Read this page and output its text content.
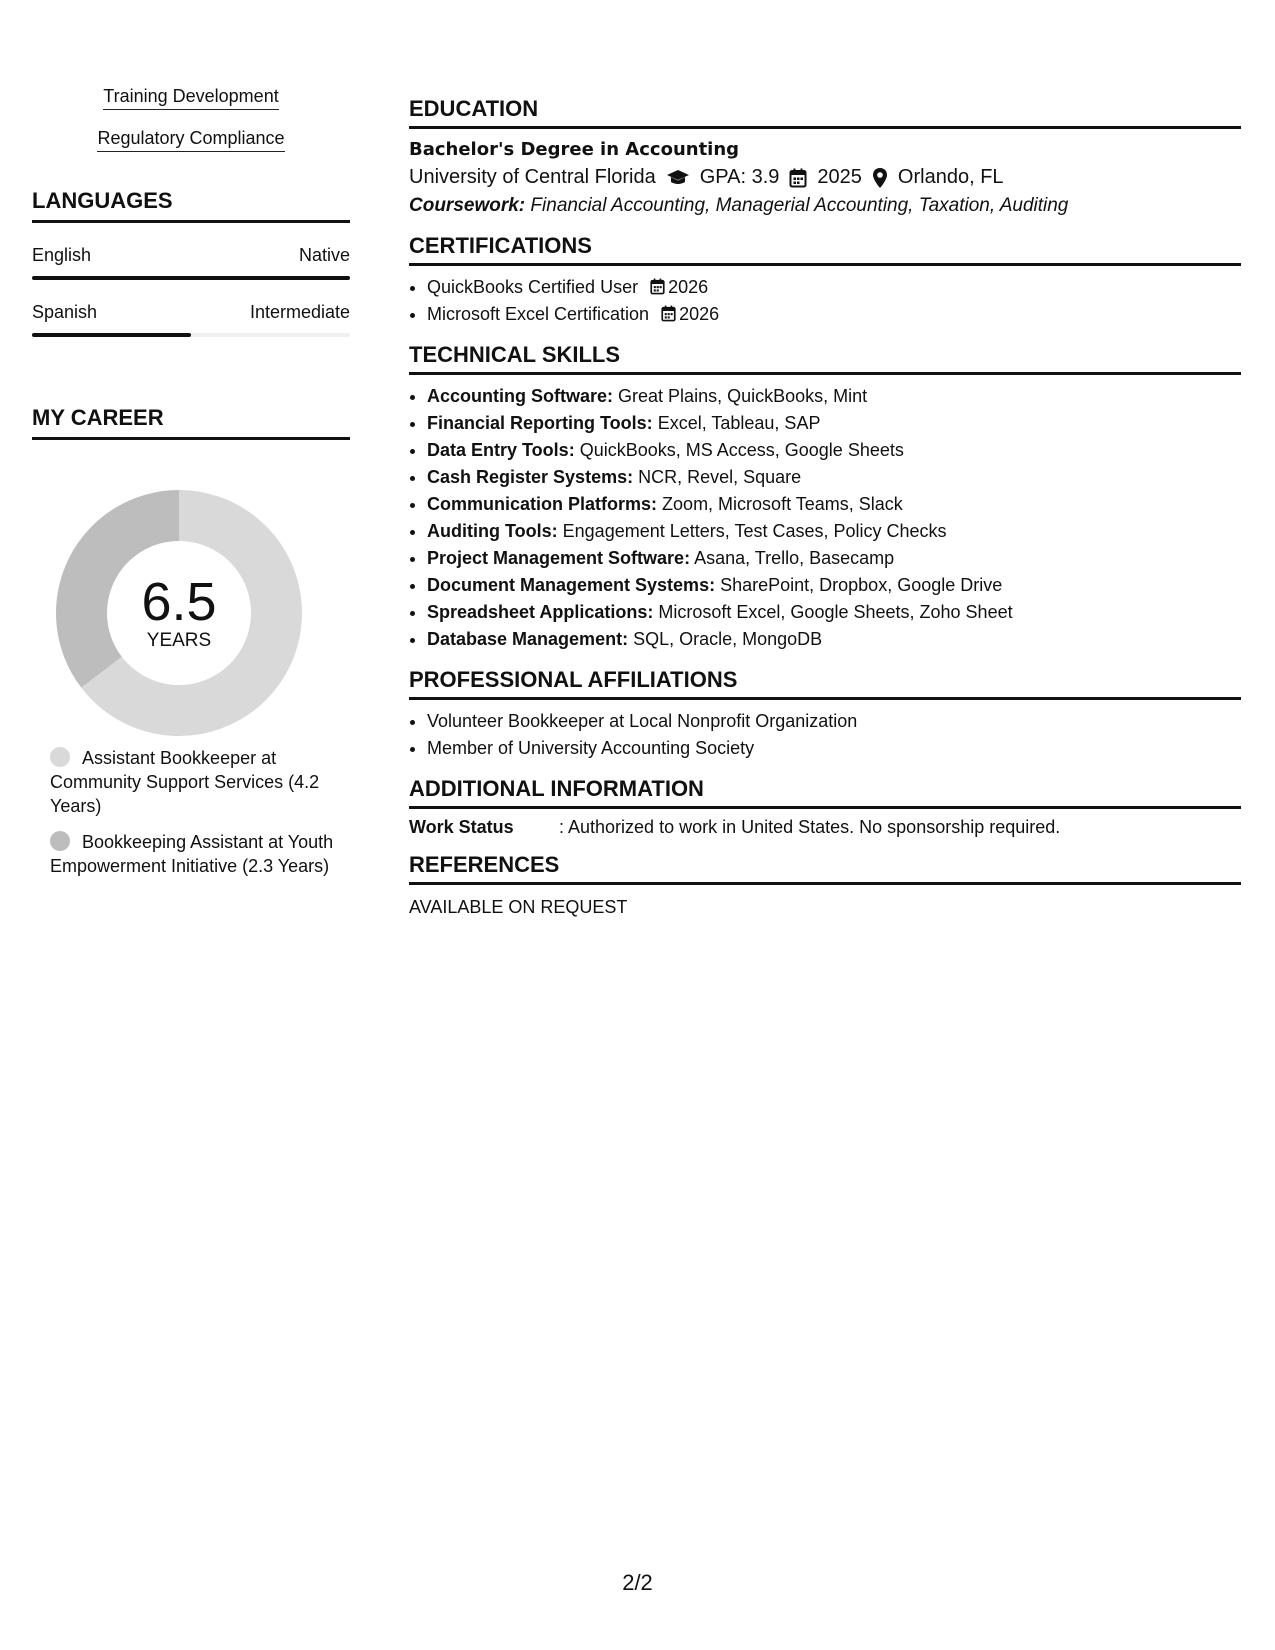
Training Development
Regulatory Compliance
LANGUAGES
English	Native
Spanish	Intermediate
MY CAREER
6.5
YEARS
Assistant Bookkeeper at Community Support Services (4.2 Years)
Bookkeeping Assistant at Youth Empowerment Initiative (2.3 Years)
EDUCATION
Bachelor's Degree in Accounting
University of Central Florida GPA: 3.9 2025 Orlando, FL
Coursework: Financial Accounting, Managerial Accounting, Taxation, Auditing
CERTIFICATIONS
• QuickBooks Certified User 2026
• Microsoft Excel Certification 2026
TECHNICAL SKILLS
• Accounting Software: Great Plains, QuickBooks, Mint
• Financial Reporting Tools: Excel, Tableau, SAP
• Data Entry Tools: QuickBooks, MS Access, Google Sheets
• Cash Register Systems: NCR, Revel, Square
• Communication Platforms: Zoom, Microsoft Teams, Slack
• Auditing Tools: Engagement Letters, Test Cases, Policy Checks
• Project Management Software: Asana, Trello, Basecamp
• Document Management Systems: SharePoint, Dropbox, Google Drive
• Spreadsheet Applications: Microsoft Excel, Google Sheets, Zoho Sheet
• Database Management: SQL, Oracle, MongoDB
PROFESSIONAL AFFILIATIONS
• Volunteer Bookkeeper at Local Nonprofit Organization
• Member of University Accounting Society
ADDITIONAL INFORMATION
Work Status	: Authorized to work in United States. No sponsorship required.
REFERENCES
AVAILABLE ON REQUEST
2/2
